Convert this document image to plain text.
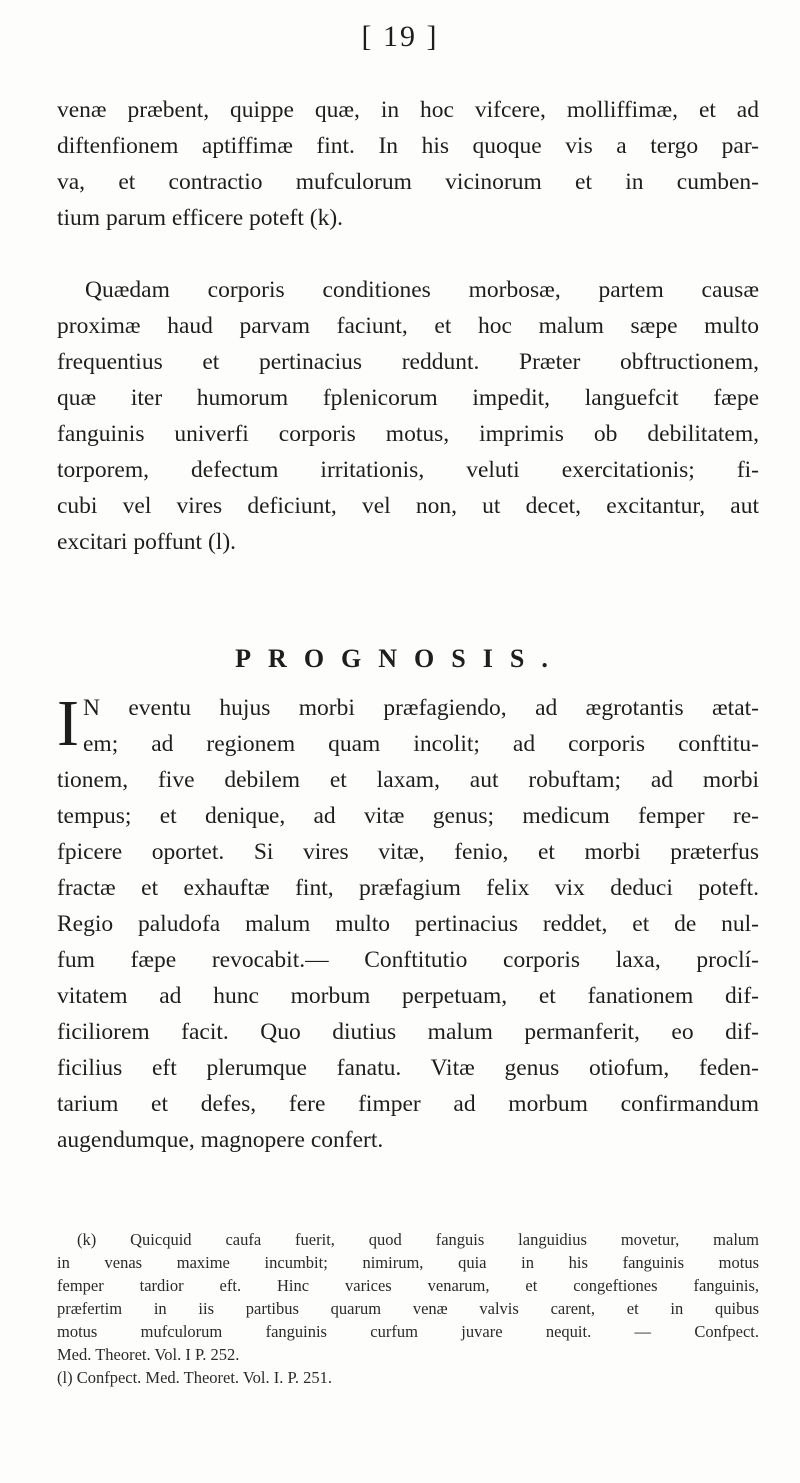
[ 19 ]
venæ præbent, quippe quæ, in hoc vifcere, molliffimæ, et ad
diftenfionem aptiffimæ fint. In his quoque vis a tergo par-
va, et contractio mufculorum vicinorum et in cumben-
tium parum efficere poteft (k).
Quædam corporis conditiones morbosæ, partem causæ
proximæ haud parvam faciunt, et hoc malum sæpe multo
frequentius et pertinacius reddunt. Præter obftructionem,
quæ iter humorum fplenicorum impedit, languefcit fæpe
fanguinis univerfi corporis motus, imprimis ob debilitatem,
torporem, defectum irritationis, veluti exercitationis; fi-
cubi vel vires deficiunt, vel non, ut decet, excitantur, aut
excitari poffunt (l).
PROGNOSIS.
I N eventu hujus morbi præfagiendo, ad ægrotantis ætat-
em; ad regionem quam incolit; ad corporis conftitu-
tionem, five debilem et laxam, aut robuftam; ad morbi
tempus; et denique, ad vitæ genus; medicum femper re-
fpicere oportet. Si vires vitæ, fenio, et morbi præterfus
fractæ et exhauftæ fint, præfagium felix vix deduci poteft.
Regio paludofa malum multo pertinacius reddet, et de nul-
fum fæpe revocabit.— Conftitutio corporis laxa, proclí-
vitatem ad hunc morbum perpetuam, et fanationem dif-
ficiliorem facit. Quo diutius malum permanferit, eo dif-
ficilius eft plerumque fanatu. Vitæ genus otiofum, feden-
tarium et defes, fere fimper ad morbum confirmandum
augendumque, magnopere confert.
(k) Quicquid caufa fuerit, quod fanguis languidius movetur, malum
in venas maxime incumbit; nimirum, quia in his fanguinis motus
femper tardior eft. Hinc varices venarum, et congeftiones fanguinis,
præfertim in iis partibus quarum venæ valvis carent, et in quibus
motus mufculorum fanguinis curfum juvare nequit. — Confpect.
Med. Theoret. Vol. I P. 252.
(l) Confpect. Med. Theoret. Vol. I. P. 251.
